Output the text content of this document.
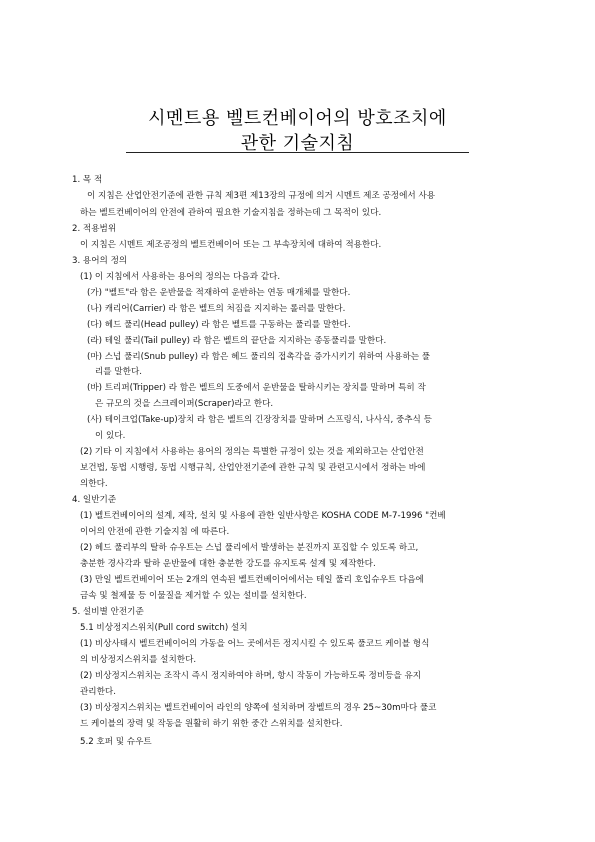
시멘트용 벨트컨베이어의 방호조치에
관한 기술지침
1. 목 적
이 지침은 산업안전기준에 관한 규칙 제3편 제13장의 규정에 의거 시멘트 제조 공정에서 사용
하는 벨트컨베이어의 안전에 관하여 필요한 기술지침을 정하는데 그 목적이 있다.
2. 적용범위
이 지침은 시멘트 제조공정의 벨트컨베이어 또는 그 부속장치에 대하여 적용한다.
3. 용어의 정의
(1) 이 지침에서 사용하는 용어의 정의는 다음과 같다.
(가) "벨트"라 함은 운반물을 적재하여 운반하는 연동 매개체를 말한다.
(나) 캐리어(Carrier) 라 함은 벨트의 처짐을 지지하는 롤러를 말한다.
(다) 헤드 풀리(Head pulley) 라 함은 벨트를 구동하는 풀리를 말한다.
(라) 테일 풀리(Tail pulley) 라 함은 벨트의 끝단을 지지하는 종동풀리를 말한다.
(마) 스넙 풀리(Snub pulley) 라 함은 헤드 풀리의 접촉각을 증가시키기 위하여 사용하는 풀
리를 말한다.
(바) 트리퍼(Tripper) 라 함은 벨트의 도중에서 운반물을 탈하시키는 장치를 말하며 특히 작
은 규모의 것을 스크레이퍼(Scraper)라고 한다.
(사) 테이크업(Take-up)장치 라 함은 벨트의 긴장장치를 말하며 스프링식, 나사식, 중추식 등
이 있다.
(2) 기타 이 지침에서 사용하는 용어의 정의는 특별한 규정이 있는 것을 제외하고는 산업안전
보건법, 동법 시행령, 동법 시행규칙, 산업안전기준에 관한 규칙 및 관련고시에서 정하는 바에
의한다.
4. 일반기준
(1) 벨트컨베이어의 설계, 제작, 설치 및 사용에 관한 일반사항은 KOSHA CODE M-7-1996 "컨베
이어의 안전에 관한 기술지침 에 따른다.
(2) 헤드 풀리부의 탈하 슈우트는 스넙 풀리에서 발생하는 분진까지 포집할 수 있도록 하고,
충분한 경사각과 탈하 운반물에 대한 충분한 강도를 유지토록 설계 및 제작한다.
(3) 만일 벨트컨베이어 또는 2개의 연속된 벨트컨베이어에서는 테일 풀리 호입슈우트 다음에
금속 및 철제물 등 이물질을 제거할 수 있는 설비를 설치한다.
5. 설비별 안전기준
5.1 비상정지스위치(Pull cord switch) 설치
(1) 비상사태시 벨트컨베이어의 가동을 어느 곳에서든 정지시킬 수 있도록 풀코드 케이블 형식
의 비상정지스위치를 설치한다.
(2) 비상정지스위치는 조작시 즉시 정지하여야 하며, 항시 작동이 가능하도록 정비등을 유지
관리한다.
(3) 비상정지스위치는 벨트컨베이어 라인의 양쪽에 설치하며 장벨트의 경우 25~30m마다 풀코
드 케이블의 장력 및 작동을 원활히 하기 위한 중간 스위치를 설치한다.
5.2 호퍼 및 슈우트
